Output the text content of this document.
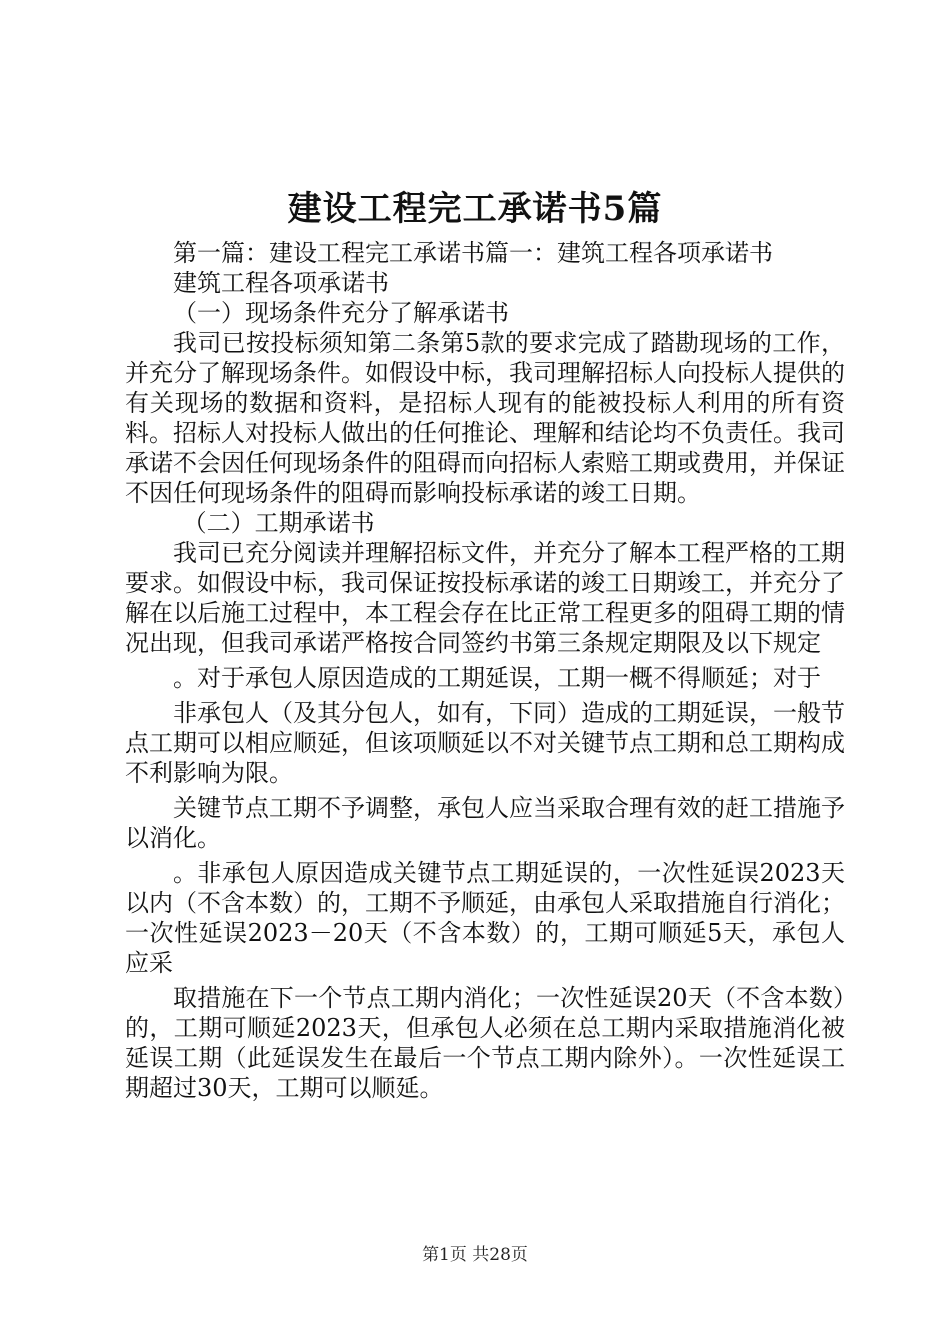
建设工程完工承诺书5篇

第一篇：建设工程完工承诺书篇一：建筑工程各项承诺书

建筑工程各项承诺书

（一）现场条件充分了解承诺书

我司已按投标须知第二条第5款的要求完成了踏勘现场的工作，并充分了解现场条件。如假设中标，我司理解招标人向投标人提供的有关现场的数据和资料，是招标人现有的能被投标人利用的所有资料。招标人对投标人做出的任何推论、理解和结论均不负责任。我司承诺不会因任何现场条件的阻碍而向招标人索赔工期或费用，并保证不因任何现场条件的阻碍而影响投标承诺的竣工日期。

（二）工期承诺书

我司已充分阅读并理解招标文件，并充分了解本工程严格的工期要求。如假设中标，我司保证按投标承诺的竣工日期竣工，并充分了解在以后施工过程中，本工程会存在比正常工程更多的阻碍工期的情况出现，但我司承诺严格按合同签约书第三条规定期限及以下规定

。对于承包人原因造成的工期延误，工期一概不得顺延；对于

非承包人（及其分包人，如有，下同）造成的工期延误，一般节点工期可以相应顺延，但该项顺延以不对关键节点工期和总工期构成不利影响为限。

关键节点工期不予调整，承包人应当采取合理有效的赶工措施予以消化。

。非承包人原因造成关键节点工期延误的，一次性延误2023天以内（不含本数）的，工期不予顺延，由承包人采取措施自行消化；一次性延误2023－20天（不含本数）的，工期可顺延5天，承包人应采

取措施在下一个节点工期内消化；一次性延误20天（不含本数）的，工期可顺延2023天，但承包人必须在总工期内采取措施消化被延误工期（此延误发生在最后一个节点工期内除外）。一次性延误工期超过30天，工期可以顺延。

第1页 共28页
